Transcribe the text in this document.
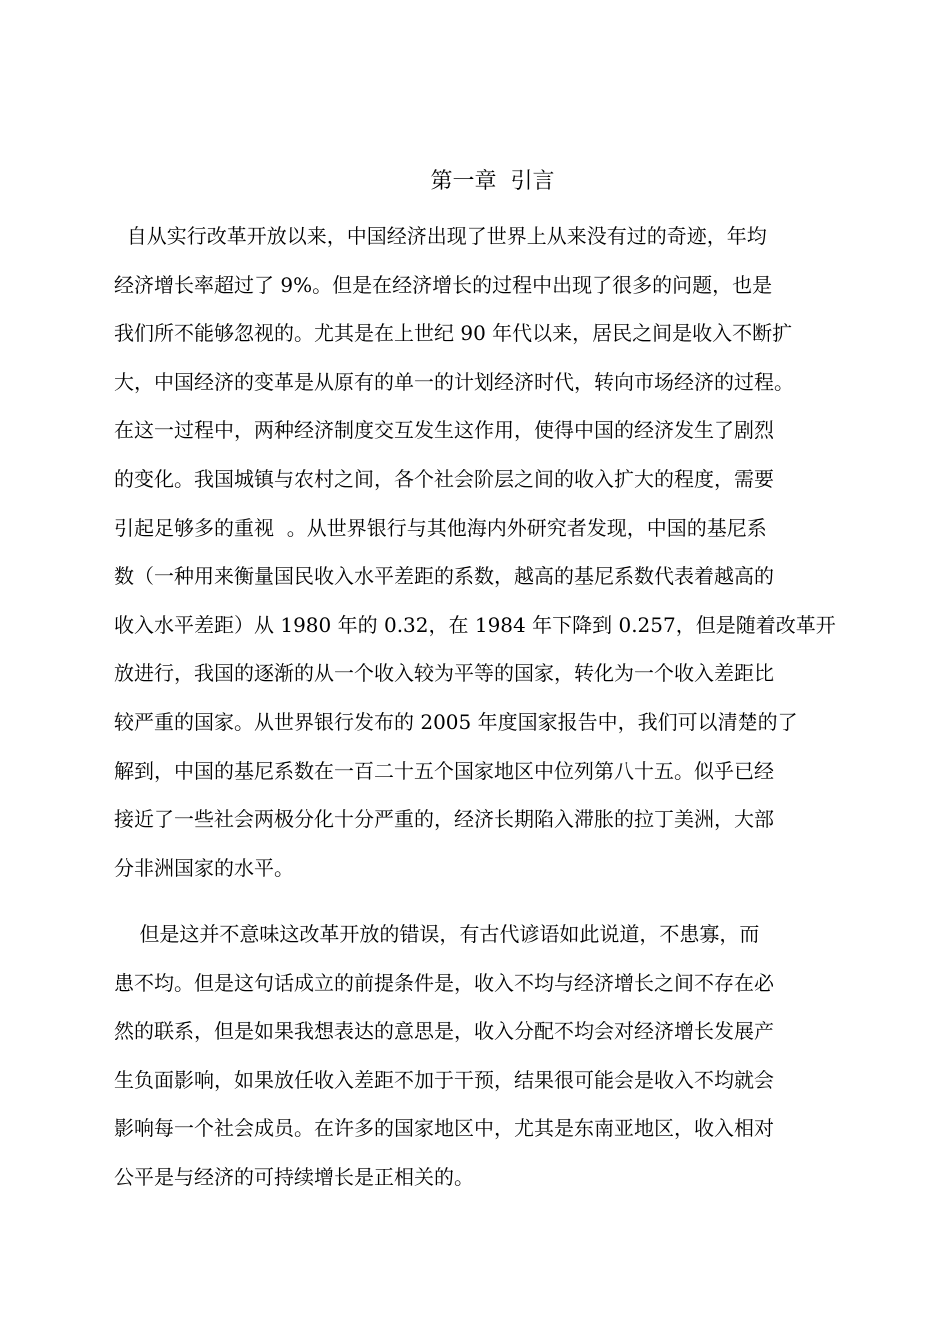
第一章  引言
自从实行改革开放以来，中国经济出现了世界上从来没有过的奇迹，年均
经济增长率超过了 9%。但是在经济增长的过程中出现了很多的问题，也是
我们所不能够忽视的。尤其是在上世纪 90 年代以来，居民之间是收入不断扩
大，中国经济的变革是从原有的单一的计划经济时代，转向市场经济的过程。
在这一过程中，两种经济制度交互发生这作用，使得中国的经济发生了剧烈
的变化。我国城镇与农村之间，各个社会阶层之间的收入扩大的程度，需要
引起足够多的重视  。从世界银行与其他海内外研究者发现，中国的基尼系
数（一种用来衡量国民收入水平差距的系数，越高的基尼系数代表着越高的
收入水平差距）从 1980 年的 0.32，在 1984 年下降到 0.257，但是随着改革开
放进行，我国的逐渐的从一个收入较为平等的国家，转化为一个收入差距比
较严重的国家。从世界银行发布的 2005 年度国家报告中，我们可以清楚的了
解到，中国的基尼系数在一百二十五个国家地区中位列第八十五。似乎已经
接近了一些社会两极分化十分严重的，经济长期陷入滞胀的拉丁美洲，大部
分非洲国家的水平。
但是这并不意味这改革开放的错误，有古代谚语如此说道，不患寡，而
患不均。但是这句话成立的前提条件是，收入不均与经济增长之间不存在必
然的联系，但是如果我想表达的意思是，收入分配不均会对经济增长发展产
生负面影响，如果放任收入差距不加于干预，结果很可能会是收入不均就会
影响每一个社会成员。在许多的国家地区中，尤其是东南亚地区，收入相对
公平是与经济的可持续增长是正相关的。
